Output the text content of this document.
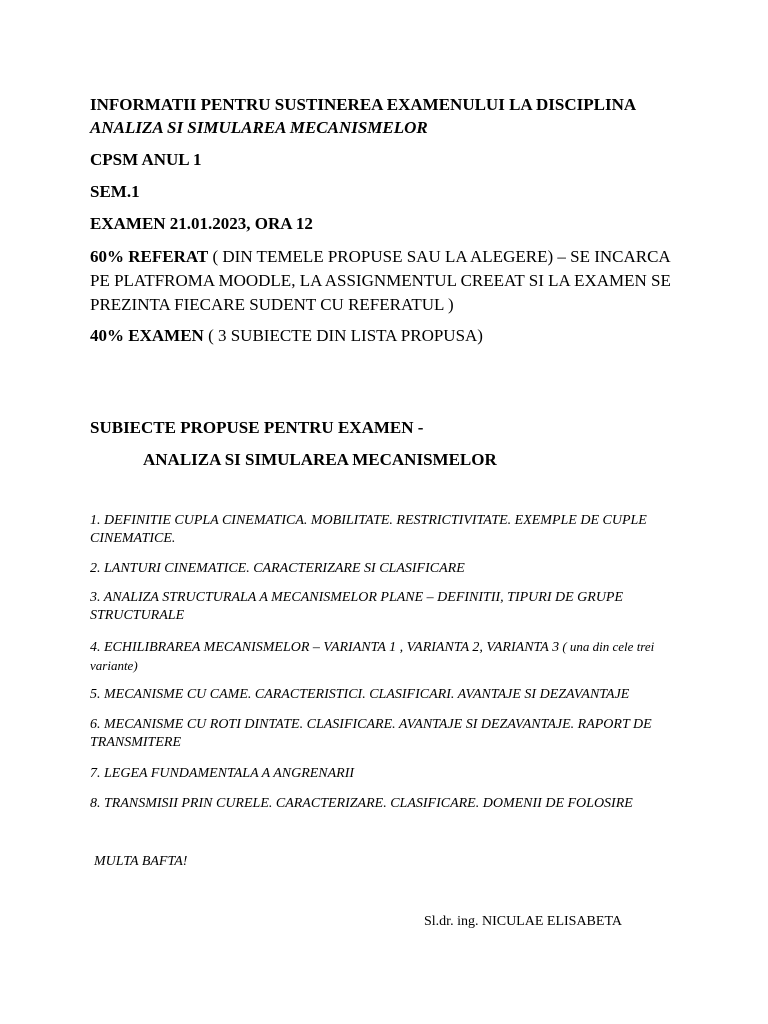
INFORMATII PENTRU SUSTINEREA EXAMENULUI LA DISCIPLINA
ANALIZA SI SIMULAREA MECANISMELOR
CPSM ANUL 1
SEM.1
EXAMEN 21.01.2023, ORA 12
60% REFERAT ( DIN TEMELE PROPUSE SAU LA ALEGERE) – SE INCARCA PE PLATFROMA MOODLE, LA ASSIGNMENTUL CREEAT SI LA EXAMEN SE PREZINTA FIECARE SUDENT CU REFERATUL )
40% EXAMEN ( 3 SUBIECTE DIN LISTA PROPUSA)
SUBIECTE PROPUSE PENTRU EXAMEN -
ANALIZA SI SIMULAREA MECANISMELOR
1. DEFINITIE CUPLA CINEMATICA. MOBILITATE. RESTRICTIVITATE. EXEMPLE DE CUPLE CINEMATICE.
2. LANTURI CINEMATICE. CARACTERIZARE SI CLASIFICARE
3. ANALIZA STRUCTURALA A MECANISMELOR PLANE – DEFINITII, TIPURI DE GRUPE STRUCTURALE
4. ECHILIBRAREA MECANISMELOR – VARIANTA 1 , VARIANTA 2, VARIANTA 3 ( una din cele trei variante)
5. MECANISME CU CAME. CARACTERISTICI. CLASIFICARI. AVANTAJE SI DEZAVANTAJE
6. MECANISME CU ROTI DINTATE. CLASIFICARE. AVANTAJE SI DEZAVANTAJE. RAPORT DE TRANSMITERE
7. LEGEA FUNDAMENTALA A ANGRENARII
8. TRANSMISII PRIN CURELE. CARACTERIZARE. CLASIFICARE. DOMENII DE FOLOSIRE
MULTA BAFTA!
Sl.dr. ing. NICULAE ELISABETA
